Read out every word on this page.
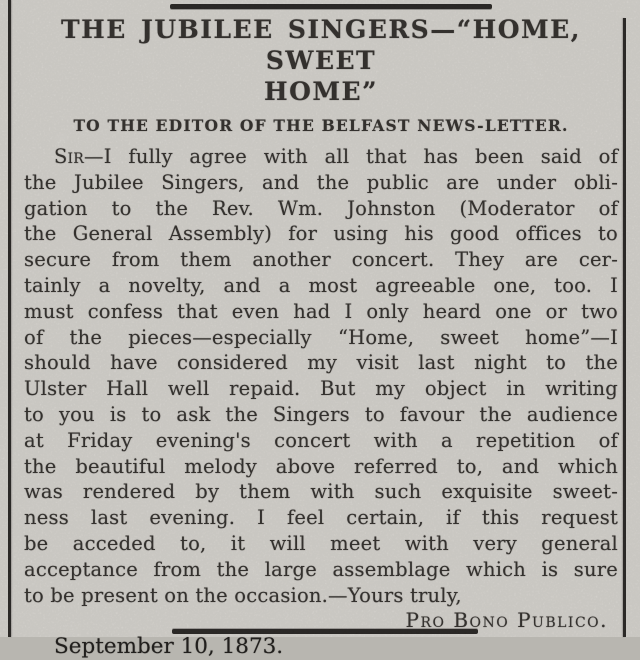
THE JUBILEE SINGERS—“HOME, SWEET
HOME”
TO THE EDITOR OF THE BELFAST NEWS-LETTER.
Sir—I fully agree with all that has been said of
the Jubilee Singers, and the public are under obli-
gation to the Rev. Wm. Johnston (Moderator of
the General Assembly) for using his good offices to
secure from them another concert. They are cer-
tainly a novelty, and a most agreeable one, too. I
must confess that even had I only heard one or two
of the pieces—especially “Home, sweet home”—I
should have considered my visit last night to the
Ulster Hall well repaid. But my object in writing
to you is to ask the Singers to favour the audience
at Friday evening's concert with a repetition of
the beautiful melody above referred to, and which
was rendered by them with such exquisite sweet-
ness last evening. I feel certain, if this request
be acceded to, it will meet with very general
acceptance from the large assemblage which is sure
to be present on the occasion.—Yours truly,
Pro Bono Publico.
September 10, 1873.
